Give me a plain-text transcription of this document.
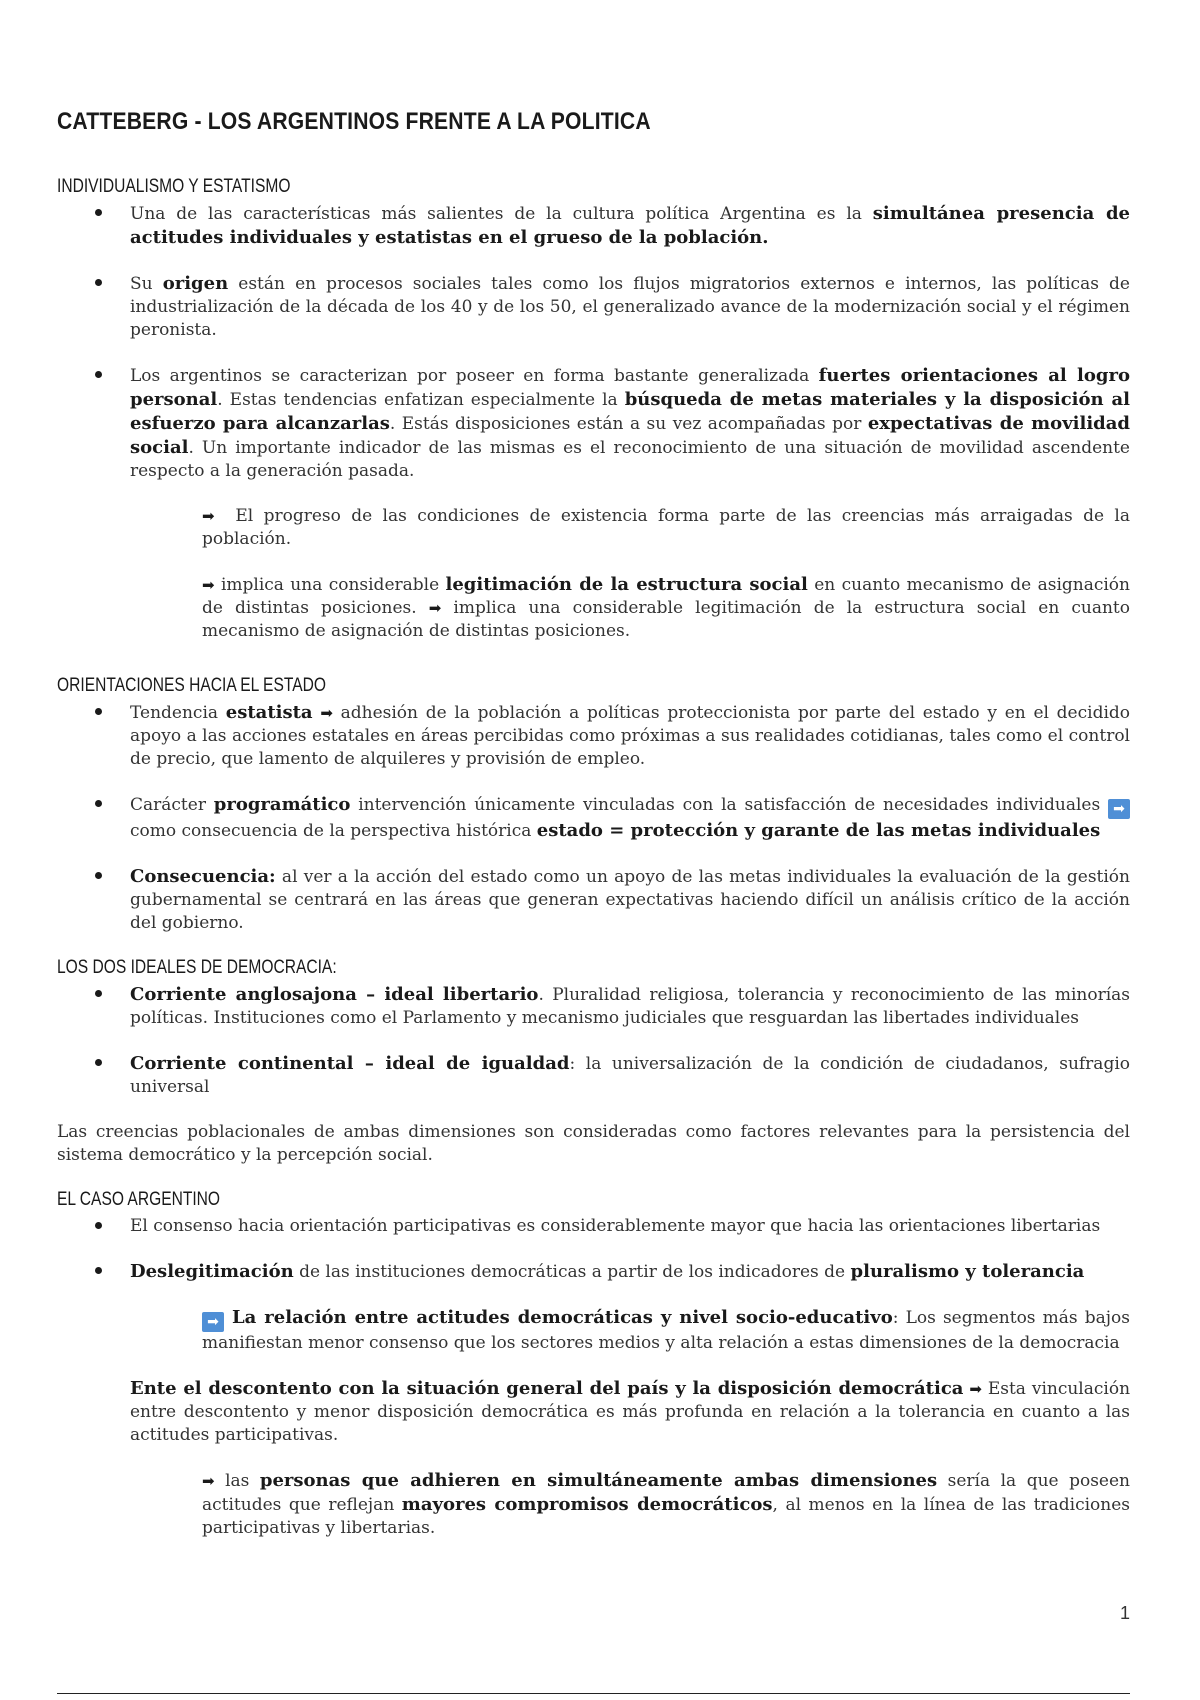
CATTEBERG - LOS ARGENTINOS FRENTE A LA POLITICA
INDIVIDUALISMO Y ESTATISMO

Una de las características más salientes de la cultura política Argentina es la simultánea presencia de actitudes individuales y estatistas en el grueso de la población.

Su origen están en procesos sociales tales como los flujos migratorios externos e internos, las políticas de industrialización de la década de los 40 y de los 50, el generalizado avance de la modernización social y el régimen peronista.

Los argentinos se caracterizan por poseer en forma bastante generalizada fuertes orientaciones al logro personal. Estas tendencias enfatizan especialmente la búsqueda de metas materiales y la disposición al esfuerzo para alcanzarlas. Estás disposiciones están a su vez acompañadas por expectativas de movilidad social. Un importante indicador de las mismas es el reconocimiento de una situación de movilidad ascendente respecto a la generación pasada.

➡ El progreso de las condiciones de existencia forma parte de las creencias más arraigadas de la población.

➡ implica una considerable legitimación de la estructura social en cuanto mecanismo de asignación de distintas posiciones. ➡ implica una considerable legitimación de la estructura social en cuanto mecanismo de asignación de distintas posiciones.

ORIENTACIONES HACIA EL ESTADO

Tendencia estatista ➡ adhesión de la población a políticas proteccionista por parte del estado y en el decidido apoyo a las acciones estatales en áreas percibidas como próximas a sus realidades cotidianas, tales como el control de precio, que lamento de alquileres y provisión de empleo.

Carácter programático intervención únicamente vinculadas con la satisfacción de necesidades individuales ➡ como consecuencia de la perspectiva histórica estado = protección y garante de las metas individuales

Consecuencia: al ver a la acción del estado como un apoyo de las metas individuales la evaluación de la gestión gubernamental se centrará en las áreas que generan expectativas haciendo difícil un análisis crítico de la acción del gobierno.

LOS DOS IDEALES DE DEMOCRACIA:

Corriente anglosajona – ideal libertario. Pluralidad religiosa, tolerancia y reconocimiento de las minorías políticas. Instituciones como el Parlamento y mecanismo judiciales que resguardan las libertades individuales

Corriente continental – ideal de igualdad: la universalización de la condición de ciudadanos, sufragio universal

Las creencias poblacionales de ambas dimensiones son consideradas como factores relevantes para la persistencia del sistema democrático y la percepción social.

EL CASO ARGENTINO

El consenso hacia orientación participativas es considerablemente mayor que hacia las orientaciones libertarias

Deslegitimación de las instituciones democráticas a partir de los indicadores de pluralismo y tolerancia

➡ La relación entre actitudes democráticas y nivel socio-educativo: Los segmentos más bajos manifiestan menor consenso que los sectores medios y alta relación a estas dimensiones de la democracia

Ente el descontento con la situación general del país y la disposición democrática ➡ Esta vinculación entre descontento y menor disposición democrática es más profunda en relación a la tolerancia en cuanto a las actitudes participativas.

➡ las personas que adhieren en simultáneamente ambas dimensiones sería la que poseen actitudes que reflejan mayores compromisos democráticos, al menos en la línea de las tradiciones participativas y libertarias.

1
